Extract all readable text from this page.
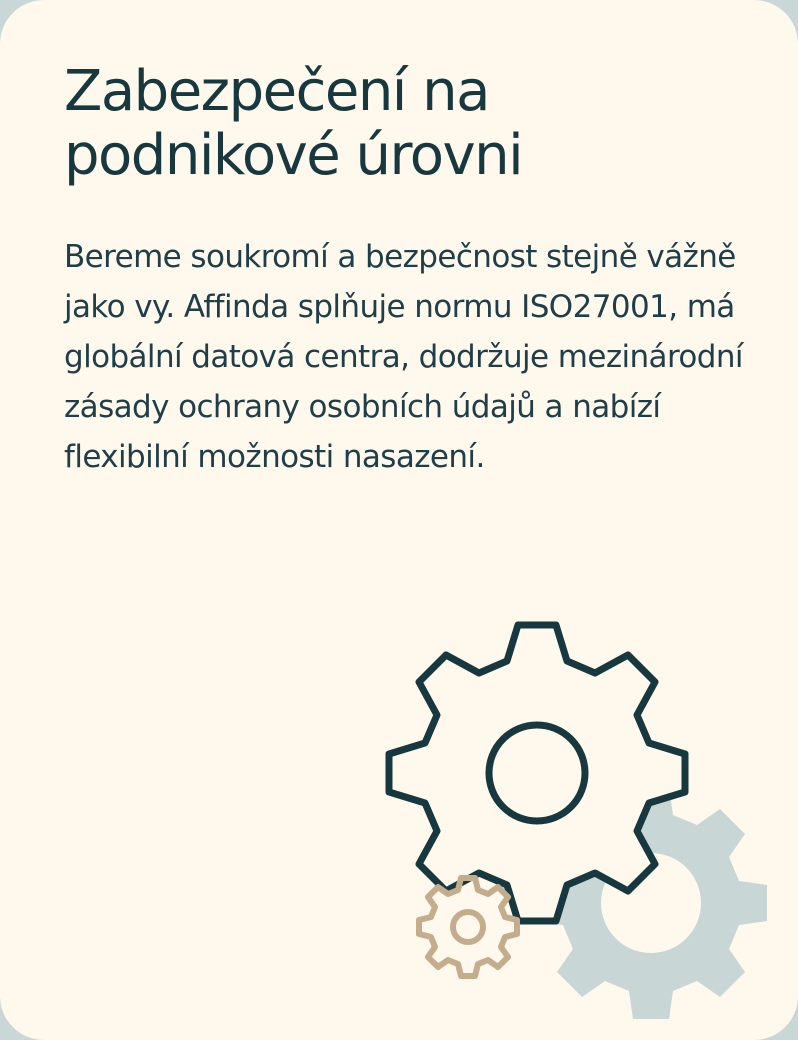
Zabezpečení na
podnikové úrovni

Bereme soukromí a bezpečnost stejně vážně jako vy. Affinda splňuje normu ISO27001, má globální datová centra, dodržuje mezinárodní zásady ochrany osobních údajů a nabízí flexibilní možnosti nasazení.
